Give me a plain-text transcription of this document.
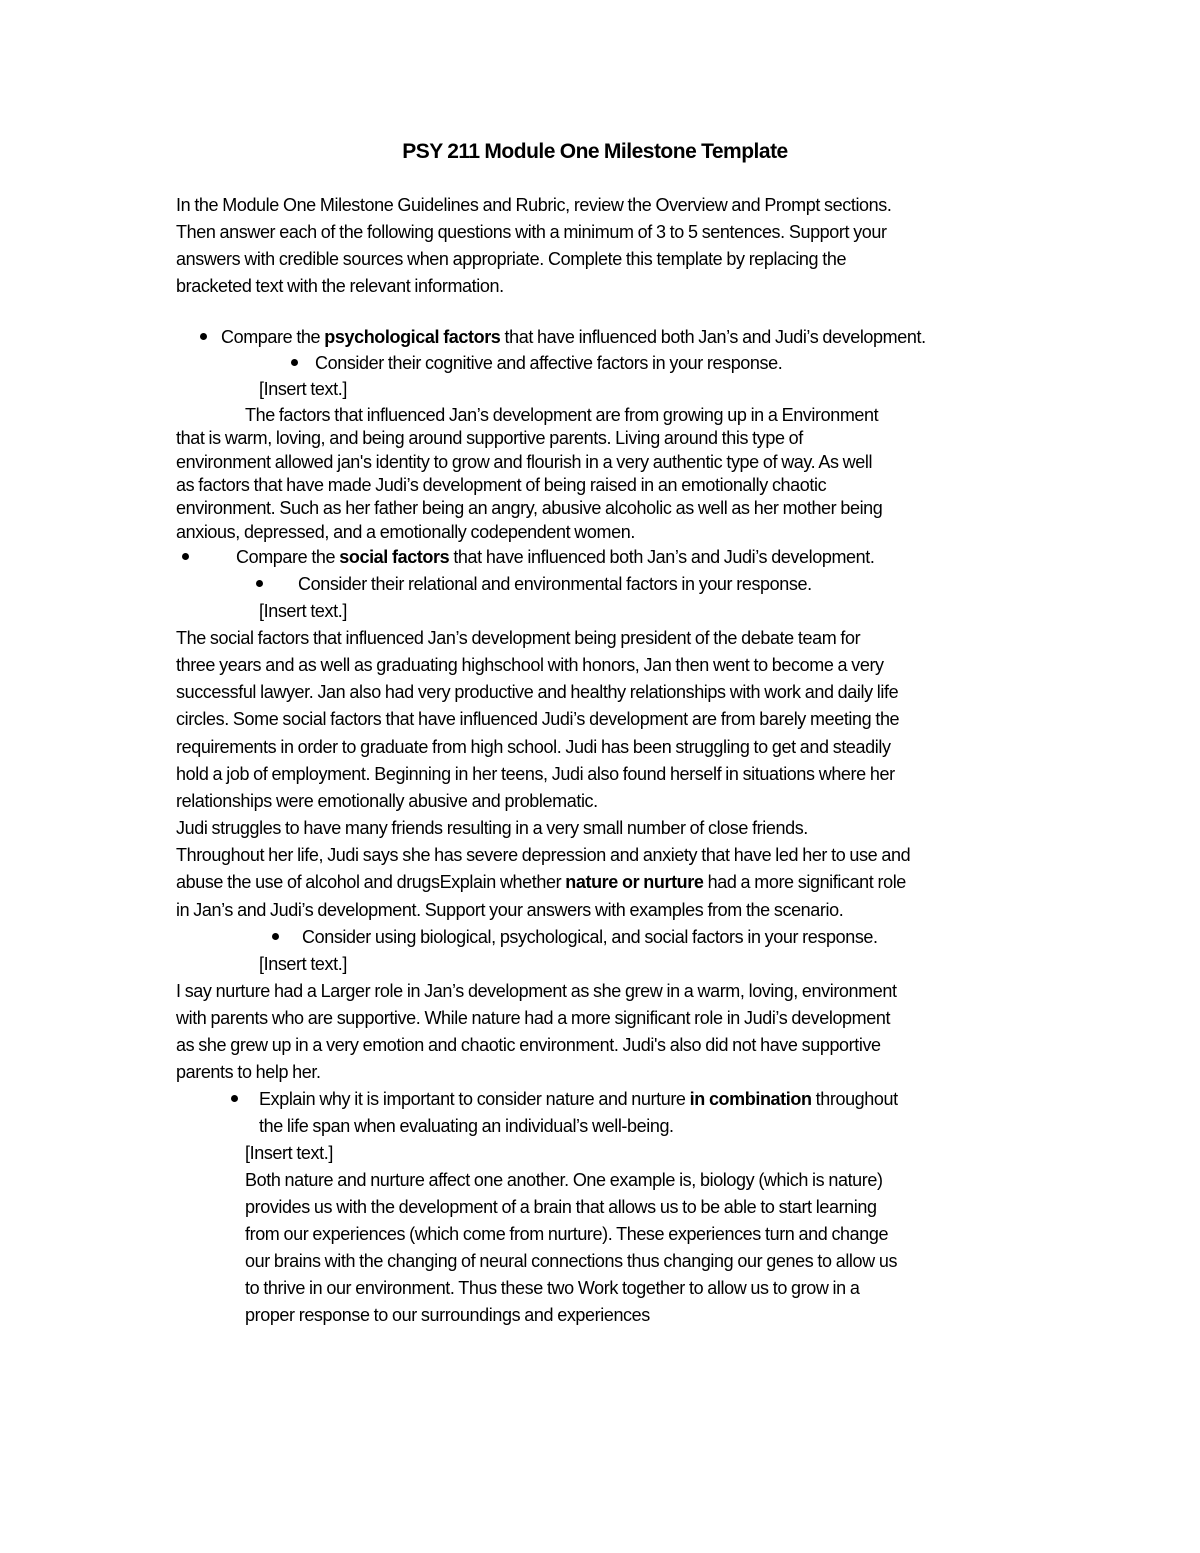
PSY 211 Module One Milestone Template
In the Module One Milestone Guidelines and Rubric, review the Overview and Prompt sections.
Then answer each of the following questions with a minimum of 3 to 5 sentences. Support your
answers with credible sources when appropriate. Complete this template by replacing the
bracketed text with the relevant information.
Compare the psychological factors that have influenced both Jan’s and Judi’s development.
Consider their cognitive and affective factors in your response.
[Insert text.]
The factors that influenced Jan’s development are from growing up in a Environment
that is warm, loving, and being around supportive parents. Living around this type of
environment allowed jan's identity to grow and flourish in a very authentic type of way. As well
as factors that have made Judi’s development of being raised in an emotionally chaotic
environment. Such as her father being an angry, abusive alcoholic as well as her mother being
anxious, depressed, and a emotionally codependent women.
Compare the social factors that have influenced both Jan’s and Judi’s development.
Consider their relational and environmental factors in your response.
[Insert text.]
The social factors that influenced Jan’s development being president of the debate team for
three years and as well as graduating highschool with honors, Jan then went to become a very
successful lawyer. Jan also had very productive and healthy relationships with work and daily life
circles. Some social factors that have influenced Judi’s development are from barely meeting the
requirements in order to graduate from high school. Judi has been struggling to get and steadily
hold a job of employment. Beginning in her teens, Judi also found herself in situations where her
relationships were emotionally abusive and problematic.
Judi struggles to have many friends resulting in a very small number of close friends.
Throughout her life, Judi says she has severe depression and anxiety that have led her to use and
abuse the use of alcohol and drugsExplain whether nature or nurture had a more significant role
in Jan’s and Judi’s development. Support your answers with examples from the scenario.
Consider using biological, psychological, and social factors in your response.
[Insert text.]
I say nurture had a Larger role in Jan’s development as she grew in a warm, loving, environment
with parents who are supportive. While nature had a more significant role in Judi’s development
as she grew up in a very emotion and chaotic environment. Judi's also did not have supportive
parents to help her.
Explain why it is important to consider nature and nurture in combination throughout
the life span when evaluating an individual’s well-being.
[Insert text.]
Both nature and nurture affect one another. One example is, biology (which is nature)
provides us with the development of a brain that allows us to be able to start learning
from our experiences (which come from nurture). These experiences turn and change
our brains with the changing of neural connections thus changing our genes to allow us
to thrive in our environment. Thus these two Work together to allow us to grow in a
proper response to our surroundings and experiences
